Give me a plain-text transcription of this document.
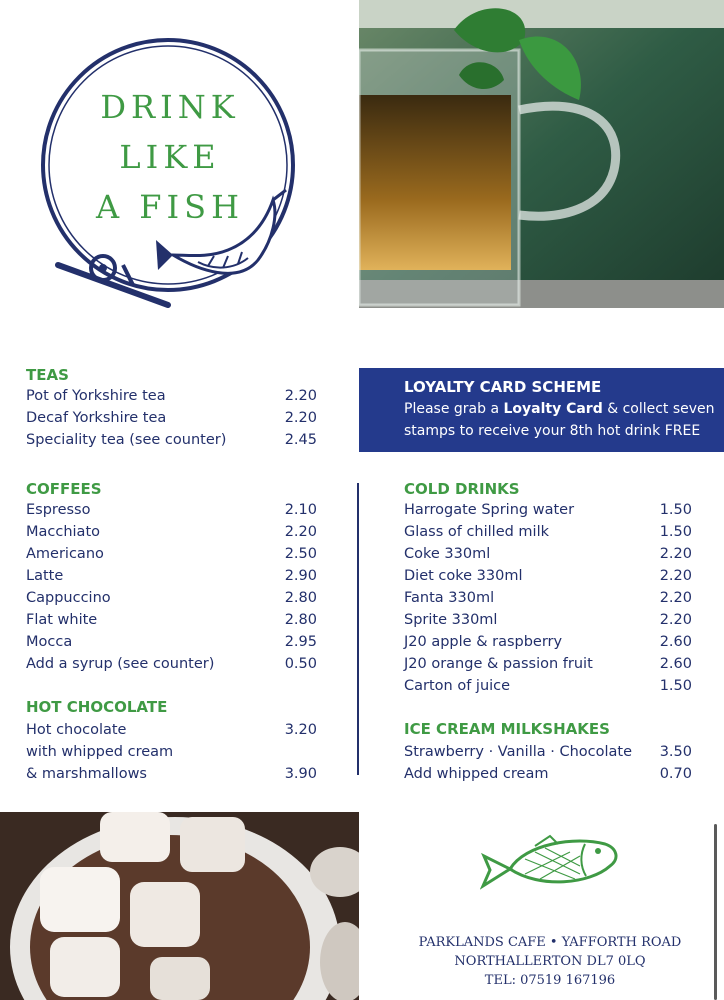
DRINK
LIKE
A FISH
TEAS
Pot of Yorkshire tea	2.20
Decaf Yorkshire tea	2.20
Speciality tea (see counter)	2.45
COFFEES
Espresso	2.10
Macchiato	2.20
Americano	2.50
Latte	2.90
Cappuccino	2.80
Flat white	2.80
Mocca	2.95
Add a syrup (see counter)	0.50
HOT CHOCOLATE
Hot chocolate	3.20
with whipped cream
& marshmallows	3.90
LOYALTY CARD SCHEME
Please grab a Loyalty Card & collect seven
stamps to receive your 8th hot drink FREE
COLD DRINKS
Harrogate Spring water	1.50
Glass of chilled milk	1.50
Coke 330ml	2.20
Diet coke 330ml	2.20
Fanta 330ml	2.20
Sprite 330ml	2.20
J20 apple & raspberry	2.60
J20 orange & passion fruit	2.60
Carton of juice	1.50
ICE CREAM MILKSHAKES
Strawberry · Vanilla · Chocolate	3.50
Add whipped cream	0.70
PARKLANDS CAFE • YAFFORTH ROAD
NORTHALLERTON DL7 0LQ
TEL: 07519 167196
